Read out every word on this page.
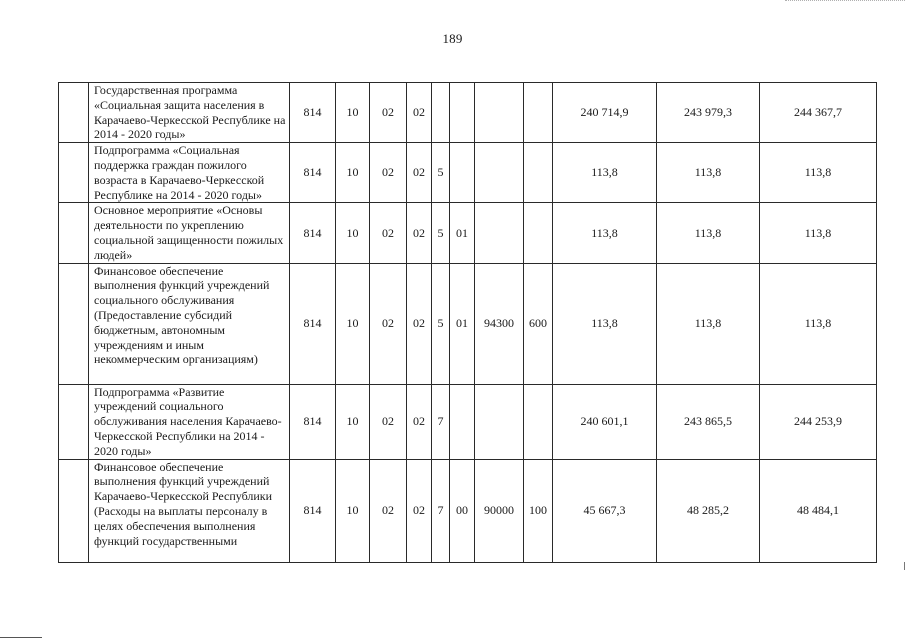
189
	Государственная программа «Социальная защита населения в Карачаево-Черкесской Республике на 2014 - 2020 годы»	814	10	02	02					240 714,9	243 979,3	244 367,7
	Подпрограмма «Социальная поддержка граждан пожилого возраста в Карачаево-Черкесской Республике на 2014 - 2020 годы»	814	10	02	02	5				113,8	113,8	113,8
	Основное мероприятие «Основы деятельности по укреплению социальной защищенности пожилых людей»	814	10	02	02	5	01			113,8	113,8	113,8
	Финансовое обеспечение выполнения функций учреждений социального обслуживания (Предоставление субсидий бюджетным, автономным учреждениям и иным некоммерческим организациям)	814	10	02	02	5	01	94300	600	113,8	113,8	113,8
	Подпрограмма «Развитие учреждений социального обслуживания населения Карачаево-Черкесской Республики на 2014 - 2020 годы»	814	10	02	02	7				240 601,1	243 865,5	244 253,9
	Финансовое обеспечение выполнения функций учреждений Карачаево-Черкесской Республики (Расходы на выплаты персоналу в целях обеспечения выполнения функций государственными	814	10	02	02	7	00	90000	100	45 667,3	48 285,2	48 484,1
